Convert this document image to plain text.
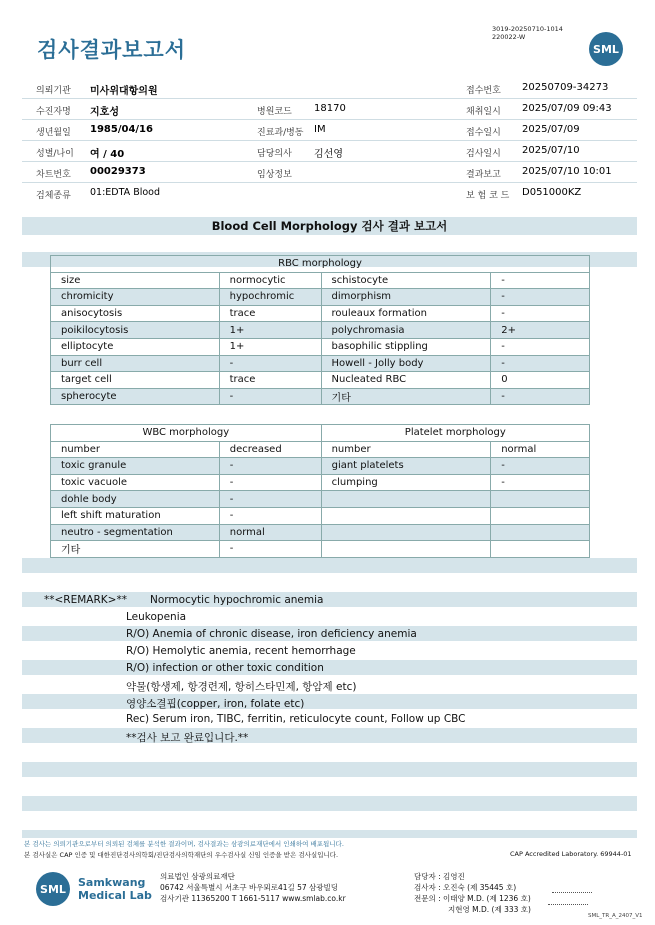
검사결과보고서
3019-20250710-1014
220022-W
SML
의뢰기관 미사위대항의원	접수번호 20250709-34273
수진자명 지호성	병원코드 18170	채취일시 2025/07/09 09:43
생년월일 1985/04/16	진료과/병동 IM	접수일시 2025/07/09
성별/나이 여 / 40	담당의사 김선영	검사일시 2025/07/10
차트번호 00029373	임상정보	결과보고 2025/07/10 10:01
검체종류 01:EDTA Blood	보 험 코 드 D051000KZ
Blood Cell Morphology 검사 결과 보고서
RBC morphology			
size	normocytic	schistocyte	-
chromicity	hypochromic	dimorphism	-
anisocytosis	trace	rouleaux formation	-
poikilocytosis	1+	polychromasia	2+
elliptocyte	1+	basophilic stippling	-
burr cell	-	Howell - Jolly body	-
target cell	trace	Nucleated RBC	0
spherocyte	-	기타	-
WBC morphology		Platelet morphology	
number	decreased	number	normal
toxic granule	-	giant platelets	-
toxic vacuole	-	clumping	-
dohle body	-		
left shift maturation	-		
neutro - segmentation	normal		
기타	-		
**<REMARK>** Normocytic hypochromic anemia
Leukopenia
R/O) Anemia of chronic disease, iron deficiency anemia
R/O) Hemolytic anemia, recent hemorrhage
R/O) infection or other toxic condition
약물(항생제, 항경련제, 항히스타민제, 항암제 etc)
영양소결핍(copper, iron, folate etc)
Rec) Serum iron, TIBC, ferritin, reticulocyte count, Follow up CBC
**검사 보고 완료입니다.**
본 검사는 의뢰기관으로부터 의뢰된 검체를 분석한 결과이며, 검사결과는 삼광의료재단에서 인쇄하여 배포됩니다.
본 검사실은 CAP 인증 및 대한진단검사의학회/진단검사의학재단의 우수검사실 신임 인증을 받은 검사실입니다.	CAP Accredited Laboratory. 69944-01
SML	Samkwang
Medical Lab
의료법인 삼광의료재단
06742 서울특별시 서초구 바우뫼로41길 57 삼광빌딩
검사기관 11365200 T 1661-5117 www.smlab.co.kr
담당자 : 김영진
검사자 : 오진숙 (제 35445 호)
전문의 : 이태양 M.D. (제 1236 호)
지현영 M.D. (제 333 호)
SML_TR_A_2407_V1
